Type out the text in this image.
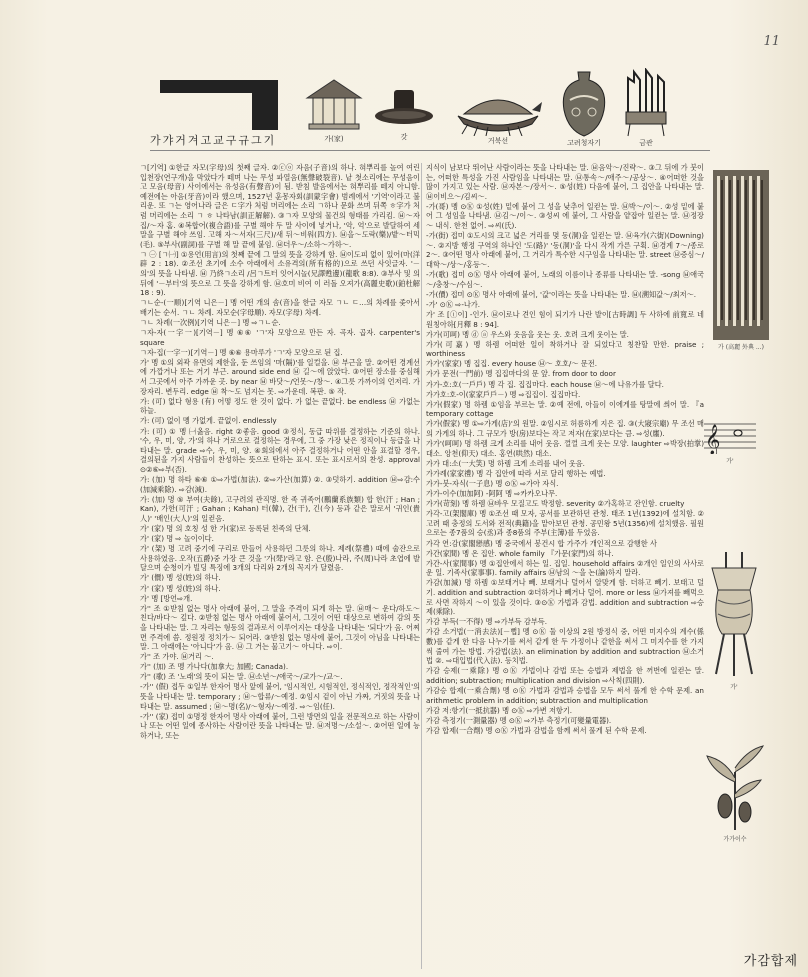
11
가갸거겨고교구규그기	가(家)	갓	거북선	고려청자기	금관

ㄱ[기역] ①한글 자모(字母)의 첫째 글자. ②ⓒⓞ 자음(子音)의 하나. 혀뿌리를 높여 여린입천장(연구개)을 막았다가 떼며 나는 무성 파열음(無聲破裂音). 낱 첫소리에는 무성음이고 모음(母音) 사이에서는 유성음(有聲音)이 됨. 받침 발음에서는 혀뿌리를 떼지 아니함. 예전에는 아음(牙音)이라 했으며, 1527년 훈몽자회(訓蒙字會) 범례에서 '기역'이라고 불리운. 또 ㄱ는 영어나라 글은 ㄷ字가 처럼 머리에는 소리 ㄱ하나 문화 쓰며 뒤쪽 ㅎ字가 처럼 머리에는 소리 ㄱ ㅎ 나타남(訓正解解). ③ㄱ자 모양의 물건의 형태를 가리킴. ㉥～자 집/～자 홈. ④복합어(複合語)를 구별 해야 두 말 사이에 넣거나, '악, 억'으로 발달하여 세 말을 구별 해야 쓰임. 고해 자～서자(三尺)/새 뒤～비워(四方). ㉥을～도락(樂)/밭～터믹(毛). ⑤부사(副詞)를 구별 해 말 끝에 붙임. ㉥더우～/소하～가하～.

ㄱ ㊀ [ㄱ㈠] ①용언(用言)의 첫째 끝에 그 말의 뜻을 강하게 함. ㉥이도피 없이 있어(마(洋辟 2 : 18). ②조선 초기에 소수 아래에서 소유격의(所有格的)으로 쓰던 사잇글자. '－의'의 뜻을 나타냄. ㉥ 乃終ㄱ소리 /呂ㄱ트터 잇어시놀(兄譯甦邊)(龍歌 8:8). ③부사 및 의 뒤에 '－부터'의 뜻으로 그 뜻을 강하게 함. ㉥호미 비여 이 러돌 오져가(高麗史歌)(鉑杜解 18 : 9).

ㄱㄴ순-(一順)[기역 니은－] 몡 어떤 개의 솜(音)을 한글 자모 ㄱㄴ ㄷ…의 차례를 좇아서 배기는 순서. ㄱㄴ 차례. 자모순(字母順). 자모(字母) 차례.

ㄱㄴ 차례(一次例)[기역 니은－] 몡 ⇨ㄱㄴ순.

ㄱ자-자(一字一)[기역－] 몡 ⑥⑥ 'ㄱ'자 모양으로 만든 자. 곡자. 곱자. carpenter's square

ㄱ자-집(一字一)[기역－] 몡 ⑥⑥ 용마루가 'ㄱ'자 모양으로 된 집.

가' 몡 ①의 외곽 유면의 제한을, 둔 쓰임의 '마(隔)'를 일컬을. ㉥ 부근을 말. ②어떤 경계선에 가깝거나 또는 거기 부근. around side end ㉥ 길～에 앉았다. ③어떤 장소를 중심해서 그곳에서 아주 가까운 곳. by near ㉥ 바닷～/언못～/창～. ④그릇 가까이의 언저리. 가장자리. 변두리. edge ㉥ 착～도 넘지는 못. ⇨가운데. 복판. ⑤ 작.

가: (可) 없다 형용 (有) 어떻 정도 한 것이 없다. 가 없는 끝없다. be endless ㉥ 가없는 하늘.

가: (可) 없이 몡 가없게. 끝없이. endlessly

가: (可) ① 몡 ㈠옳음. right ②좋음. good ③정식, 동급 따위를 결정하는 기준의 하나. '수, 우, 미, 양, 가'의 하나 거로으로 결정하는 경우에, 그 중 가장 낮은 정직이나 등급을 나타내는 말. grade ⇨수, 우, 미, 양. ④회의에서 아주 결정하거나 어떤 안을 표결할 경우, 결의된을 가지 사람들이 찬성하는 뜻으로 탄하는 표시. 또는 표시로서의 찬성. approval ⊙②⑥⇨부(否).

가: (加) 명 하타 ⑥⑥ ①⇨가법(加法). ②⇨가산(加算) ②. ③덧하기. addition ㉥⇨감:수(加減乘除). ⇨감(減).

가: (加) 명 ⑤ 부여(夫餘), 고구려의 관직명. 한 족 귀족어(鵬蘭系族類) 합 한(汗 ; Han ; Kan), 가한(可汗 ; Gahan ; Kahan) 터(韓), 간(干), 긴(今) 등과 같은 말로서 '귀인(貴人)' '배인(大人)'의 일컫음.

가' (家) 명 의 호칭 성 한 가(家)로 등록된 친족의 단체.

가' (家) 명 ⇨ 놀이이다.

가' (架) 명 고려 중기에 구리로 만들어 사용하던 그릇의 하나. 제례(祭禮) 때에 술잔으로 사용하였음. 오작(五爵)중 가장 큰 것을 '가(斝)'라고 함. 은(殷)나라, 주(周)나라 초엽에 발달으며 순청이가 빌딩 특징에 3개의 다리와 2개의 꼭지가 달렸음.

가' (價) 몡 성(姓)의 하나.

가' (家) 몡 성(姓)의 하나.

가' 몡 [방언⇨개.

가'' 조 ①받침 없는 명사 아래에 붙어, 그 말을 주격이 되게 하는 말. ㉥매～ 운다/하도～ 친다/바다～ 깊다. ②받침 없는 명사 아래에 붙어서, 그것이 어떤 대상으로 변하여 감의 뜻을 나타내는 말. 그 자리는 형동의 결과로서 이루어지는 대상을 나타내는 '되다'가 옴. 어찌면 주격에 씀. 정원정 정치가～ 되어라. ③받침 없는 명사에 붙어, 그것이 아님을 나타내는 말. 그 아래에는 '아니다'가 옴. ㉥ 그 거는 물고기～ 아니다. ⇨이.

가'' 조 가야. ㉥거리 ～.

가'' (加) 조 몡 가나다(加拿大; 加國; Canada).

가'' (歌) 조 '노래'의 뜻이 되는 말. ㉥소년～/애국～/교가～/교～.

-가'' (假) 접두 ①일부 한자어 명사 앞에 붙어, '임시적인, 시험적인, 정식적인, 정작적인'의 뜻을 나타내는 말. temporary ; ㉥～합류/～예정. ②임시 겉이 아닌 가짜, 거짓의 뜻을 나타내는 말. assumed ; ㉥～명(名)/～형자/～예정. ⇨～임(任).

-가'' (家) 접미 ①명정 한자어 명사 아래에 붙어, 그런 방면의 일을 전문적으로 하는 사람이나 또는 어떤 일에 종사하는 사람이란 뜻을 나타내는 말. ㉥저명～/소설～. ②어떤 일에 능하거나, 또는

지식이 남보다 뛰어난 사람이라는 뜻을 나타내는 말. ㉥음악～/진략～. ③그 뒤에 가 붓이는, 어떠한 특성을 가진 사람임을 나타내는 말. ㉥통속～/애주～/공상～. ④어떠한 것을 많이 가지고 있는 사람. ㉥자본～/장서～. ⑤성(姓) 다음에 붙어, 그 집안을 나타내는 말. ㉥이비으～/김씨～.

-가(哥) 몡 ⊙Ⓚ ①성(姓) 밑에 붙어 그 성을 낮추어 일컫는 말. ㉥박～/이～. ②성 밑에 붙어 그 성임을 나타냄. ㉥김～/이～. ③성씨 에 붙어, 그 사람을 얕잡아 일컫는 말. ㉥정장～ 내식. 한천 없어. ⇨씨(氏).

-가(街) 접미 ①도시의 크고 넓은 거리를 몇 동(洞)을 일컫는 말. ㉥육가(六街)(Downing)～. ②지방 행정 구역의 하나인 '도(路)' '동(洞)'을 다시 작게 가른 구획. ㉥경계 7～/종로 2～. ③어떤 명사 아래에 붙어, 그 거리가 특수한 시구임을 나타내는 말. street ㉥증심～/대학～/상～/홍등～.

-가(歌) 접미 ⊙Ⓚ 명사 아래에 붙어, 노래의 이름이나 종류를 나타내는 말. -song ㉥애국～/충창～/수심～.

-가(價) 접미 ⊙Ⓚ 명사 아래에 붙어, '값'이라는 뜻을 나타내는 말. ㉥(溯知값～/최저～.

-가' ⊙Ⓚ ⇨-나가.

가' 조 [ⓘ이] -인가. ㉥이로나 견인 힘이 되기가 나란 발이[古時調] 두 사하에 前寬로 네 원칭아하[月釋 8 : 94].

가가(可呵) 몡 ⓓ ⓐ 우스와 웃음을 웃는 웃. 호려 크게 웃이는 말.

가가(可嘉) 몡 하렘 어떠한 일이 착하거나 잘 되었다고 칭찬할 만한. praise ; worthiness

가가'(家家) 몡 집집. every house ㉥～ 호호/～ 문전.

가가 문전(一門前) 몡 집집마다의 문 앞. from door to door

가가-호:호(一戶戶) 몡 각 집. 집집마다. each house ㉥～에 나유가를 달다.

가가호:호-이(家家戶戶－) 몡 ⇨집집이. 집집마다.

가가(假家) 명 하렘 ①임을 부르는 말. ②예 전에, 아들이 이에게를 탕말에 씌어 말. 『a temporary cottage

가가(假家) 몡 ①⇨가게(店)'의 원말. ②임시로 허름하게 지은 집. ③(大寢宗廟) 무 조선 매의 가게의 하나. 그 규모가 방(房)보다는 작고 저자(在家)보다는 큼. ⇨성(廛).

가가'(呵呵) 명 하렘 크게 소리를 내어 웃음. 껄껄 크게 웃는 모양. laughter ⇨박장(拍掌) 대소. 앙천(仰天) 대소. 홍연(哄然) 대소.

가가 대:소(一大笑) 명 하렘 크게 소리를 내어 웃음.

가가례(家家禮) 몡 각 집안에 따라 서로 달리 행하는 예법.

가가-붓-자식(一子息) 몡 ⊙Ⓚ ⇨가아 자식.

가가-이수(加加阿) -阿阿 몡 ⇨카카오나무.

가가(苛刻) 몡 하렘 ㉥바우 모질고도 박정함. severity ②가혹하고 잔인함. cruelty

가각-고(架閣庫) 몡 ①조선 때 모자, 공서를 보관하던 관청. 태조 1년(1392)에 설치함. ②고려 때 충정의 도서와 전적(典籍)을 맡아보던 관청. 공민왕 5년(1356)에 설치했음. 필원으로는 종7품의 승(丞)과 종8품의 주부(主簿)를 두었음.

가각 연:감(家閣戀感) 몡 중국에서 봉건시 합 가주가 개인적으로 감행한 사

가간(家間) 몡 온 집안. whole family 『가문(家門)의 하나.

가간-사(家間事) 몡 ①집안에서 하는 일. 집일. household affairs ②개인 일인의 사사로운 일. 기족사(家事事). family affairs ㉥남의 ～을 논(論)하지 말라.

가감(加減) 명 하렘 ①보태거나 빼. 보태거나 덜어서 알맞게 함. 더하고 빼기. 보태고 덜기. addition and subtraction ②더하거나 빼거나 덜어. more or less ㉥가져를 빼먹으로 사면 작하지 ～이 있을 것이다. ③⊙Ⓚ 가법과 감법. addition and subtraction ⇨승제(乘除).

가감 부득(一不得) 몡 ⇨가부득 감부득.

가감 소거법(一消去法)[－뻡] 몡 ⊙Ⓚ 둘 이상의 2원 방정식 중, 어떤 미지수의 계수(係數)를 같게 한 다음 나누기를 써서 같게 한 두 가정이나 같한을 써서 그 미지수를 한 가지씩 줄여 가는 방법. 가감법(法). an elimination by addition and subtraction ㉥소거법 ②. ⇨대입법(代入法). 등치법.

가감 승제(一乘除) 몡 ⊙Ⓚ 가법이나 감법 또는 승법과 제법을 한 꺼번에 일컫는 말. addition; subtraction; multiplication and division ⇨사칙(四則).

가감승 합제(一乘合劑) 몡 ⊙Ⓚ 가법과 감법과 승법을 모두 써서 풀게 한 수학 문제. an arithmetic problem in addition; subtraction and multiplication

가감 저:항기(一抵抗器) 몡 ⊙Ⓚ ⇨가변 저항기.

가감 측정기(一測量器) 몡 ⊙Ⓚ ⇨가부 측정기(可變量電器).

가감 합제(一合劑) 몡 ⊙Ⓚ 가법과 감법을 함께 써서 풀게 된 수학 문제.

가 (高麗 外典 ...)
𝄞
가'
가'
가가이수
가감합제
